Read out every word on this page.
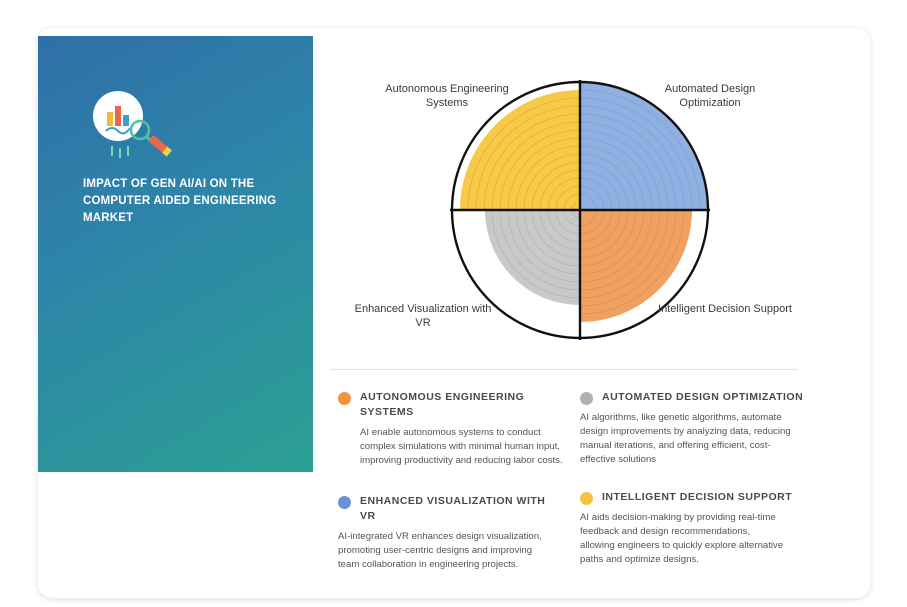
IMPACT OF GEN AI/AI ON THE COMPUTER AIDED ENGINEERING MARKET
Autonomous Engineering Systems
Automated Design Optimization
Enhanced Visualization with VR
Intelligent Decision Support
AUTONOMOUS ENGINEERING SYSTEMS
AI enable autonomous systems to conduct complex simulations with minimal human input, improving productivity and reducing labor costs.
ENHANCED VISUALIZATION WITH VR
AI-integrated VR enhances design visualization, promoting user-centric designs and improving team collaboration in engineering projects.
AUTOMATED DESIGN OPTIMIZATION
AI algorithms, like genetic algorithms, automate design improvements by analyzing data, reducing manual iterations, and offering efficient, cost-effective solutions
INTELLIGENT DECISION SUPPORT
AI aids decision-making by providing real-time feedback and design recommendations, allowing engineers to quickly explore alternative paths and optimize designs.
